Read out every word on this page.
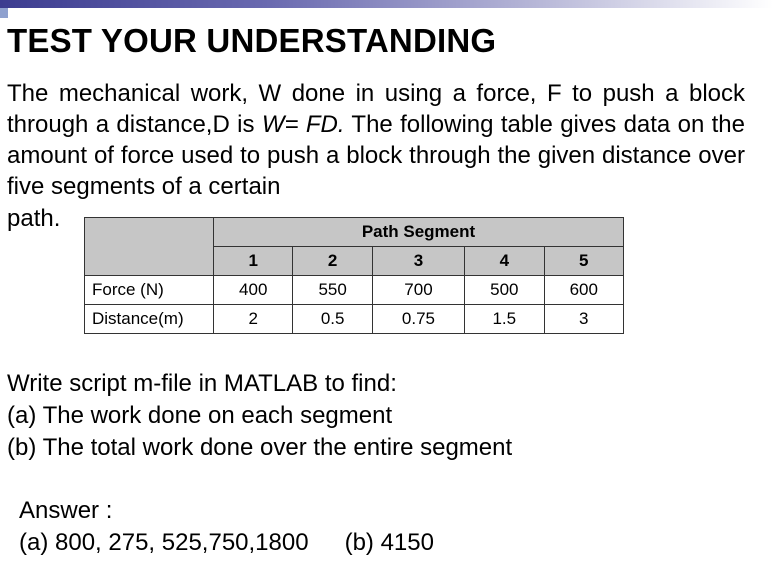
TEST YOUR UNDERSTANDING

The mechanical work, W done in using a force, F to push a block through a distance,D is W= FD. The following table gives data on the amount of force used to push a block through the given distance over five segments of a certain

path.

		Path Segment				
	1	2	3	4	5
Force (N)	400	550	700	500	600
Distance(m)	2	0.5	0.75	1.5	3

Write script m-file in MATLAB to find:

(a) The work done on each segment

(b) The total work done over the entire segment

Answer :

(a) 800, 275, 525,750,1800 (b) 4150
